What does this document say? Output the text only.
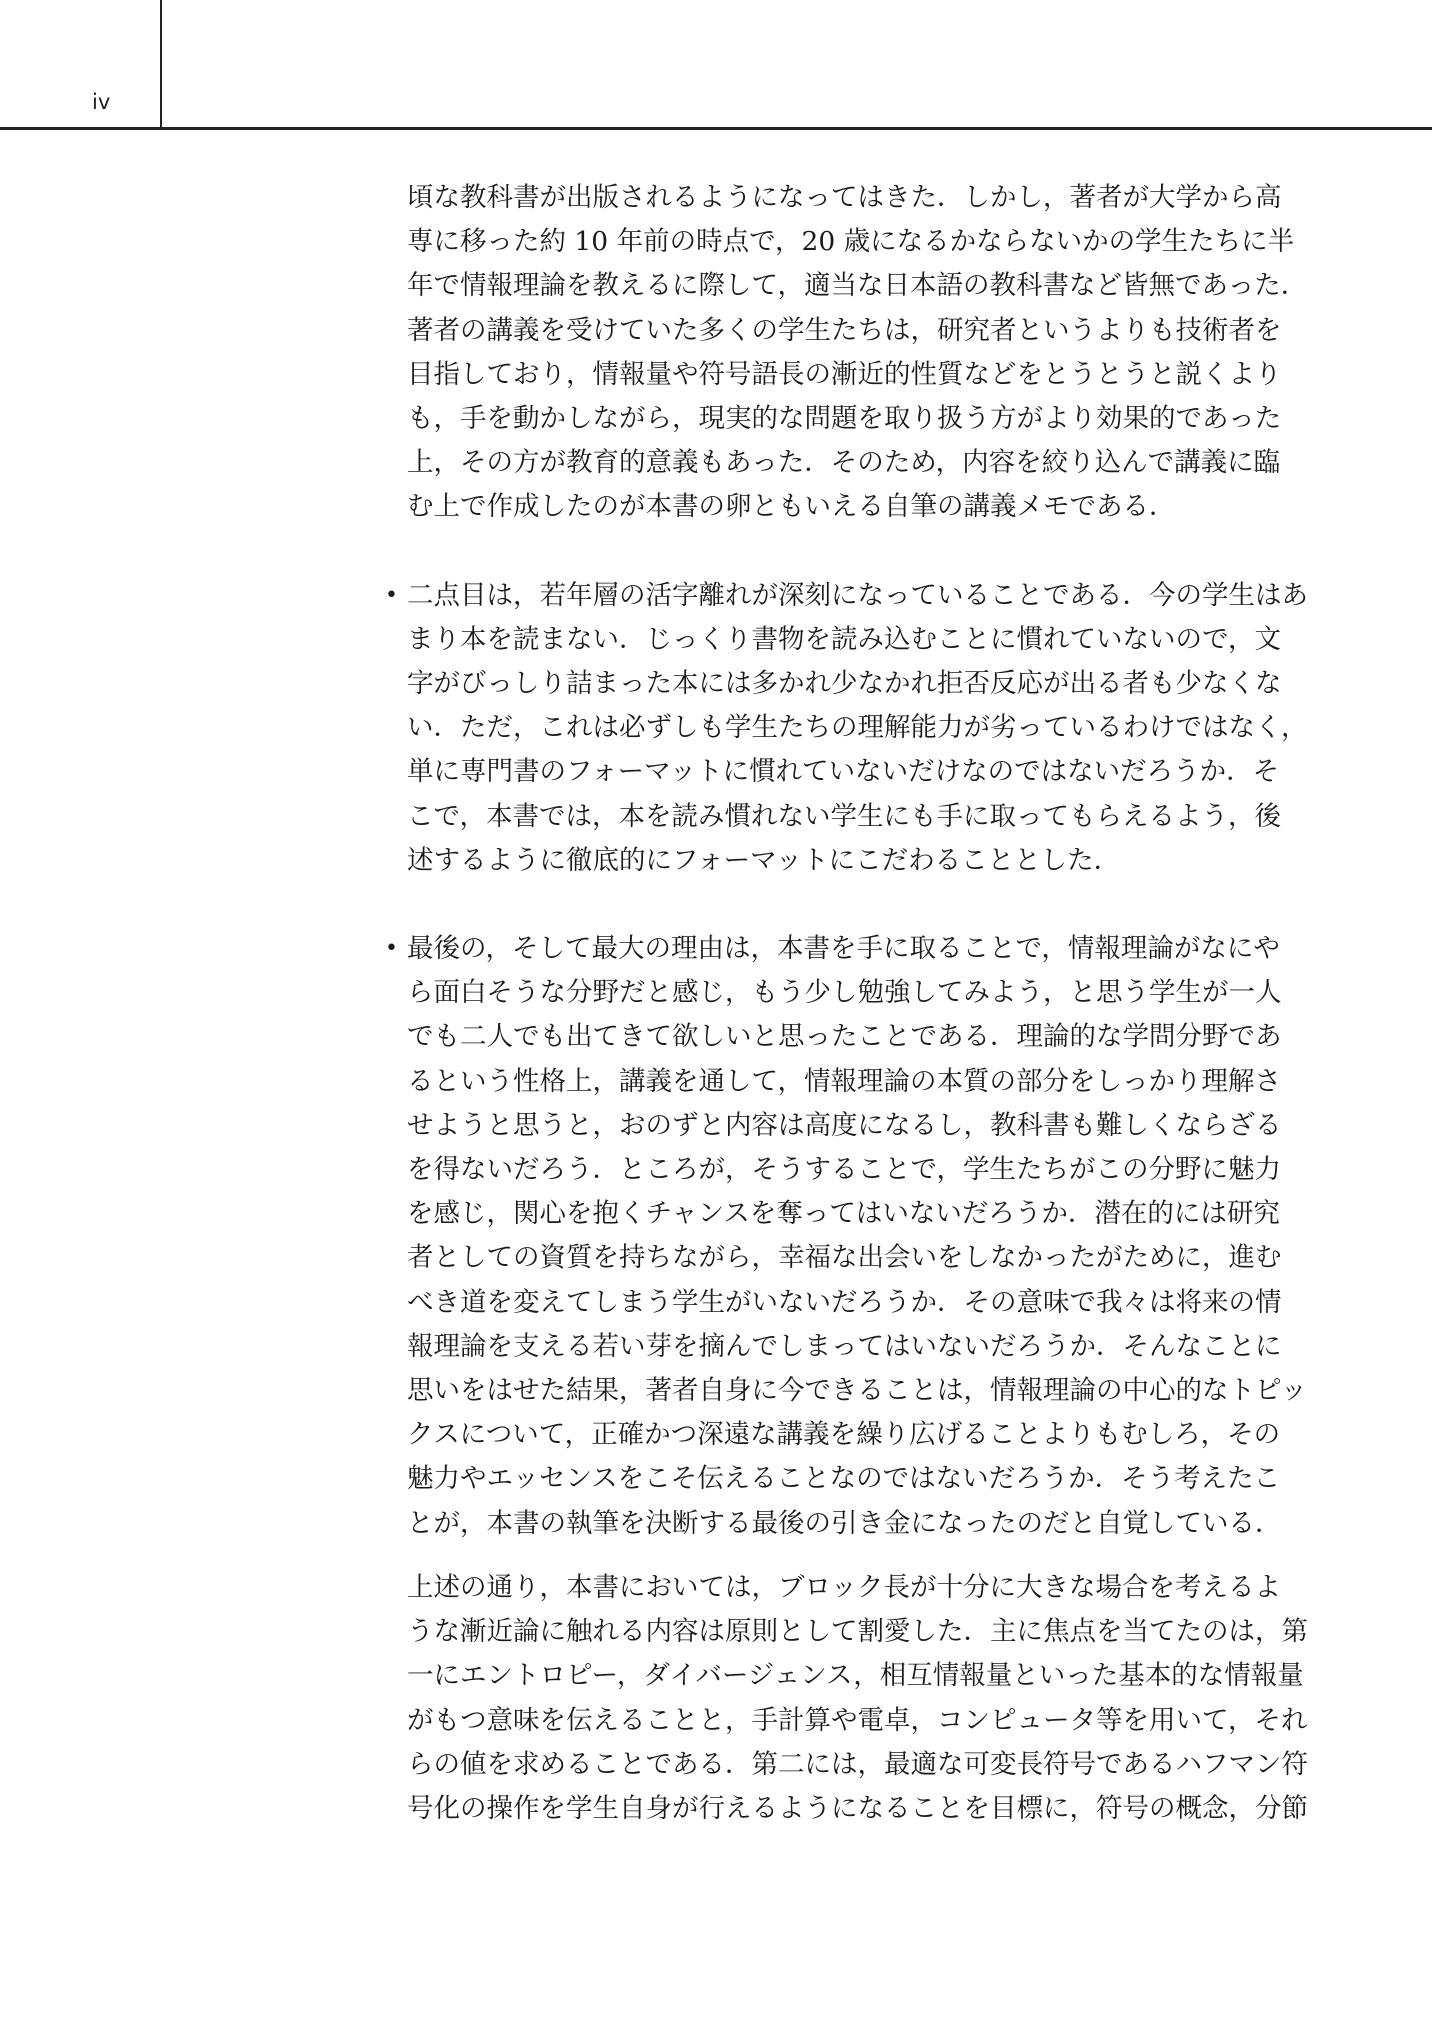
iv
頃な教科書が出版されるようになってはきた．しかし，著者が大学から高
専に移った約 10 年前の時点で，20 歳になるかならないかの学生たちに半
年で情報理論を教えるに際して，適当な日本語の教科書など皆無であった．
著者の講義を受けていた多くの学生たちは，研究者というよりも技術者を
目指しており，情報量や符号語長の漸近的性質などをとうとうと説くより
も，手を動かしながら，現実的な問題を取り扱う方がより効果的であった
上，その方が教育的意義もあった．そのため，内容を絞り込んで講義に臨
む上で作成したのが本書の卵ともいえる自筆の講義メモである．
• 二点目は，若年層の活字離れが深刻になっていることである．今の学生はあ
まり本を読まない．じっくり書物を読み込むことに慣れていないので，文
字がびっしり詰まった本には多かれ少なかれ拒否反応が出る者も少なくな
い．ただ，これは必ずしも学生たちの理解能力が劣っているわけではなく，
単に専門書のフォーマットに慣れていないだけなのではないだろうか．そ
こで，本書では，本を読み慣れない学生にも手に取ってもらえるよう，後
述するように徹底的にフォーマットにこだわることとした．
• 最後の，そして最大の理由は，本書を手に取ることで，情報理論がなにや
ら面白そうな分野だと感じ，もう少し勉強してみよう，と思う学生が一人
でも二人でも出てきて欲しいと思ったことである．理論的な学問分野であ
るという性格上，講義を通して，情報理論の本質の部分をしっかり理解さ
せようと思うと，おのずと内容は高度になるし，教科書も難しくならざる
を得ないだろう．ところが，そうすることで，学生たちがこの分野に魅力
を感じ，関心を抱くチャンスを奪ってはいないだろうか．潜在的には研究
者としての資質を持ちながら，幸福な出会いをしなかったがために，進む
べき道を変えてしまう学生がいないだろうか．その意味で我々は将来の情
報理論を支える若い芽を摘んでしまってはいないだろうか．そんなことに
思いをはせた結果，著者自身に今できることは，情報理論の中心的なトピッ
クスについて，正確かつ深遠な講義を繰り広げることよりもむしろ，その
魅力やエッセンスをこそ伝えることなのではないだろうか．そう考えたこ
とが，本書の執筆を決断する最後の引き金になったのだと自覚している．
上述の通り，本書においては，ブロック長が十分に大きな場合を考えるよ
うな漸近論に触れる内容は原則として割愛した．主に焦点を当てたのは，第
一にエントロピー，ダイバージェンス，相互情報量といった基本的な情報量
がもつ意味を伝えることと，手計算や電卓，コンピュータ等を用いて，それ
らの値を求めることである．第二には，最適な可変長符号であるハフマン符
号化の操作を学生自身が行えるようになることを目標に，符号の概念，分節
